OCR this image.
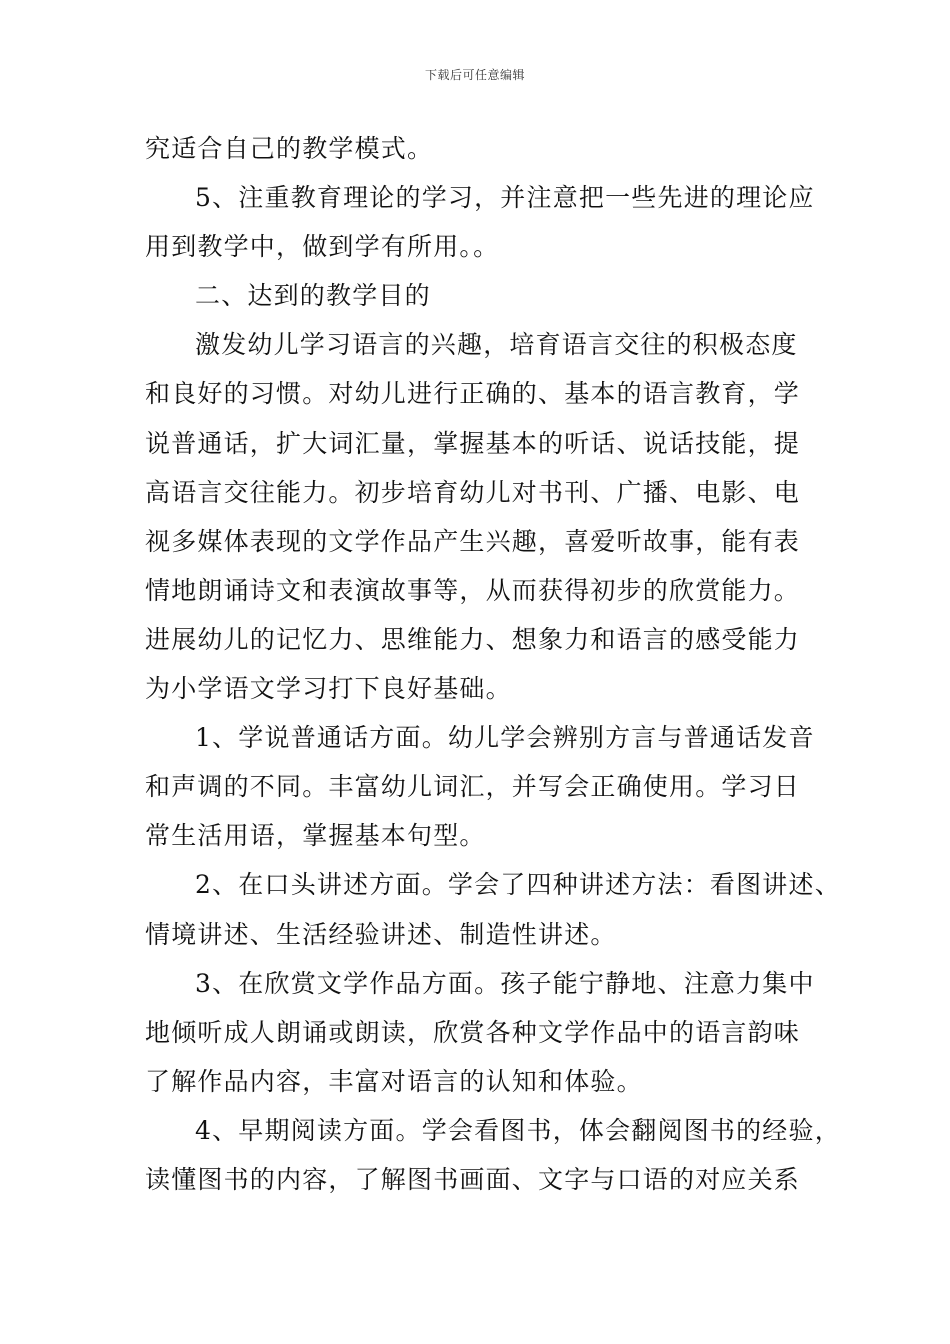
下载后可任意编辑
究适合自己的教学模式。
5、注重教育理论的学习，并注意把一些先进的理论应
用到教学中，做到学有所用。。
二、达到的教学目的
激发幼儿学习语言的兴趣，培育语言交往的积极态度
和良好的习惯。对幼儿进行正确的、基本的语言教育，学
说普通话，扩大词汇量，掌握基本的听话、说话技能，提
高语言交往能力。初步培育幼儿对书刊、广播、电影、电
视多媒体表现的文学作品产生兴趣，喜爱听故事，能有表
情地朗诵诗文和表演故事等，从而获得初步的欣赏能力。
进展幼儿的记忆力、思维能力、想象力和语言的感受能力
为小学语文学习打下良好基础。
1、学说普通话方面。幼儿学会辨别方言与普通话发音
和声调的不同。丰富幼儿词汇，并写会正确使用。学习日
常生活用语，掌握基本句型。
2、在口头讲述方面。学会了四种讲述方法：看图讲述、
情境讲述、生活经验讲述、制造性讲述。
3、在欣赏文学作品方面。孩子能宁静地、注意力集中
地倾听成人朗诵或朗读，欣赏各种文学作品中的语言韵味
了解作品内容，丰富对语言的认知和体验。
4、早期阅读方面。学会看图书，体会翻阅图书的经验，
读懂图书的内容，了解图书画面、文字与口语的对应关系
